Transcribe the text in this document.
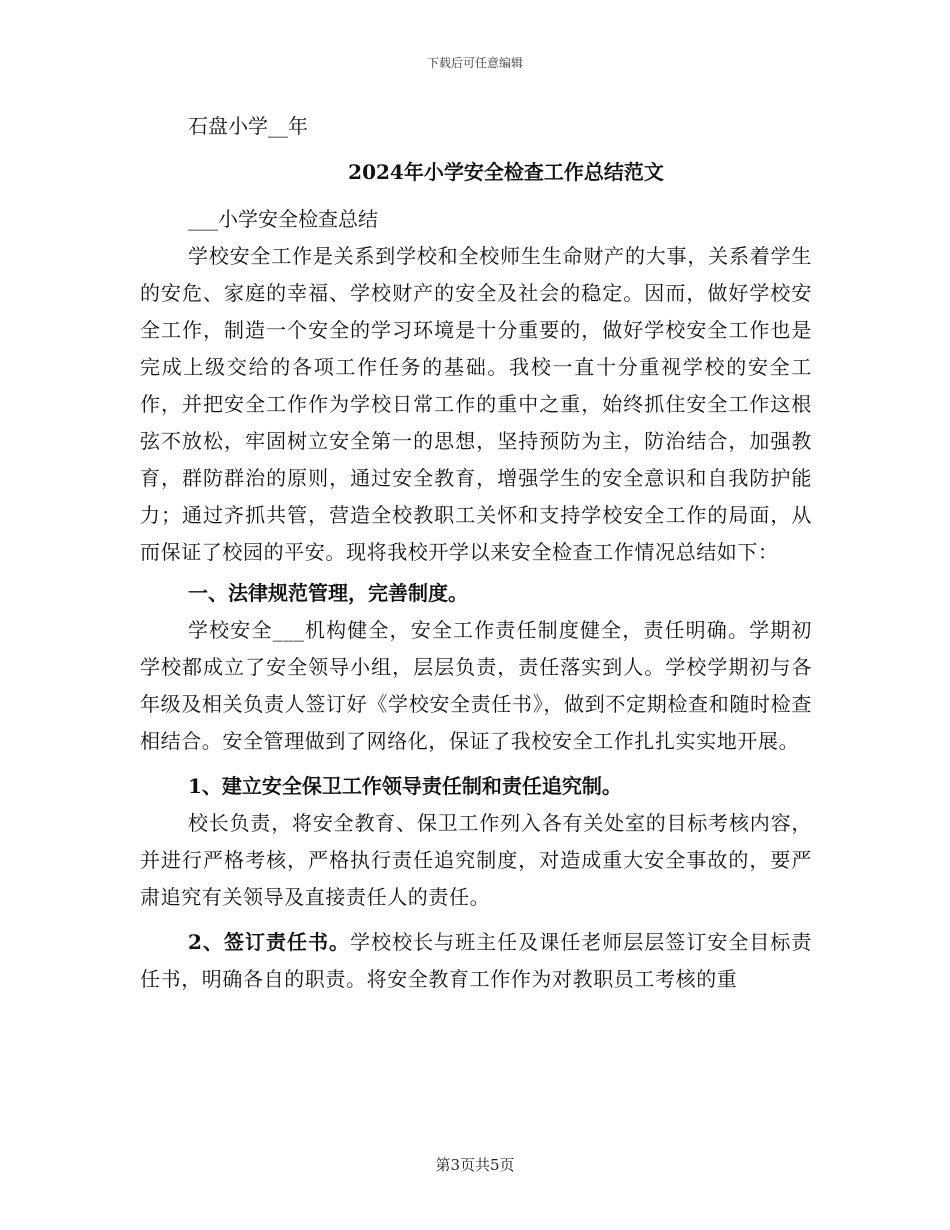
下载后可任意编辑

石盘小学__年

2024年小学安全检查工作总结范文

___小学安全检查总结

学校安全工作是关系到学校和全校师生生命财产的大事，关系着学生的安危、家庭的幸福、学校财产的安全及社会的稳定。因而，做好学校安全工作，制造一个安全的学习环境是十分重要的，做好学校安全工作也是完成上级交给的各项工作任务的基础。我校一直十分重视学校的安全工作，并把安全工作作为学校日常工作的重中之重，始终抓住安全工作这根弦不放松，牢固树立安全第一的思想，坚持预防为主，防治结合，加强教育，群防群治的原则，通过安全教育，增强学生的安全意识和自我防护能力；通过齐抓共管，营造全校教职工关怀和支持学校安全工作的局面，从而保证了校园的平安。现将我校开学以来安全检查工作情况总结如下：

一、法律规范管理，完善制度。

学校安全___机构健全，安全工作责任制度健全，责任明确。学期初学校都成立了安全领导小组，层层负责，责任落实到人。学校学期初与各年级及相关负责人签订好《学校安全责任书》，做到不定期检查和随时检查相结合。安全管理做到了网络化，保证了我校安全工作扎扎实实地开展。

1、建立安全保卫工作领导责任制和责任追究制。

校长负责，将安全教育、保卫工作列入各有关处室的目标考核内容，并进行严格考核，严格执行责任追究制度，对造成重大安全事故的，要严肃追究有关领导及直接责任人的责任。

2、签订责任书。学校校长与班主任及课任老师层层签订安全目标责任书，明确各自的职责。将安全教育工作作为对教职员工考核的重

第3页共5页
